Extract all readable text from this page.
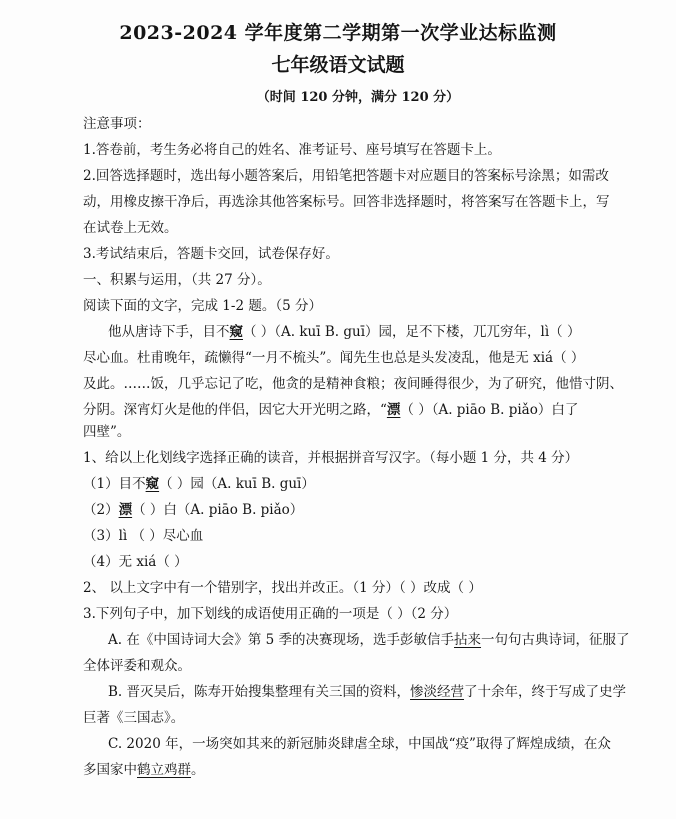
2023-2024 学年度第二学期第一次学业达标监测
七年级语文试题
（时间 120 分钟，满分 120 分）
注意事项：
1.答卷前，考生务必将自己的姓名、准考证号、座号填写在答题卡上。
2.回答选择题时，选出每小题答案后，用铅笔把答题卡对应题目的答案标号涂黑；如需改
动，用橡皮擦干净后，再选涂其他答案标号。回答非选择题时，将答案写在答题卡上，写
在试卷上无效。
3.考试结束后，答题卡交回，试卷保存好。
一、积累与运用，（共 27 分）。
阅读下面的文字，完成 1-2 题。（5 分）
他从唐诗下手，目不窥（ ）（A. kuī B. guī）园，足不下楼，兀兀穷年，lì（ ）
尽心血。杜甫晚年，疏懒得“一月不梳头”。闻先生也总是头发凌乱，他是无 xiá（ ）
及此。……饭，几乎忘记了吃，他贪的是精神食粮；夜间睡得很少，为了研究，他惜寸阴、
分阴。深宵灯火是他的伴侣，因它大开光明之路，“漂（ ）（A. piāo B. piǎo）白了
四壁”。
1、给以上化划线字选择正确的读音，并根据拼音写汉字。（每小题 1 分，共 4 分）
（1）目不窥（ ）园（A. kuī B. guī）
（2）漂（ ）白（A. piāo B. piǎo）
（3）lì （ ）尽心血
（4）无 xiá（ ）
2、 以上文字中有一个错别字，找出并改正。（1 分）（ ）改成（ ）
3.下列句子中，加下划线的成语使用正确的一项是（ ）（2 分）
A. 在《中国诗词大会》第 5 季的决赛现场，选手彭敏信手拈来一句句古典诗词，征服了
全体评委和观众。
B. 晋灭吴后，陈寿开始搜集整理有关三国的资料，惨淡经营了十余年，终于写成了史学
巨著《三国志》。
C. 2020 年，一场突如其来的新冠肺炎肆虐全球，中国战“疫”取得了辉煌成绩，在众
多国家中鹤立鸡群。
